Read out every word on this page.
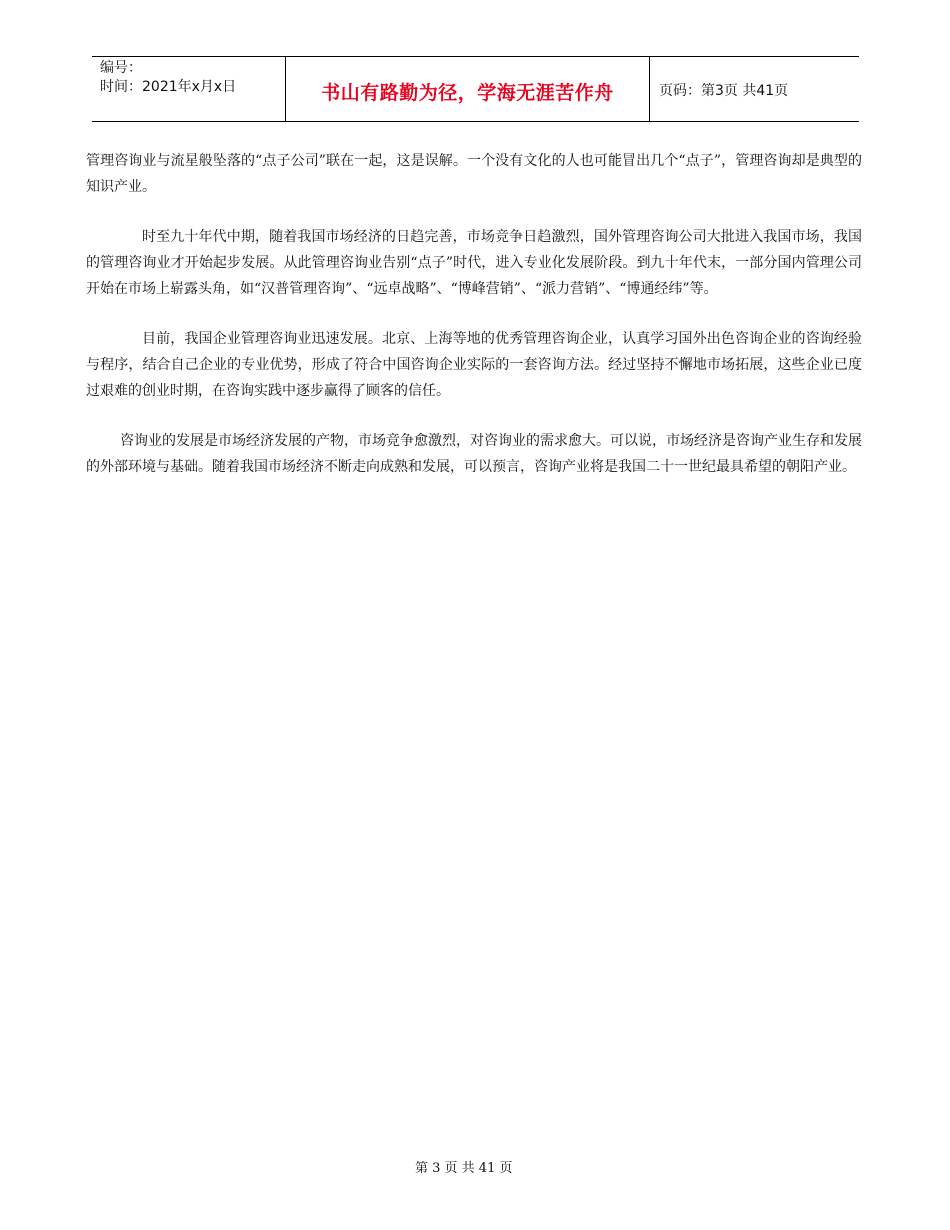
编号：
时间：2021年x月x日	书山有路勤为径，学海无涯苦作舟	页码：第3页 共41页

管理咨询业与流星般坠落的“点子公司”联在一起，这是误解。一个没有文化的人也可能冒出几个“点子”，管理咨询却是典型的知识产业。

时至九十年代中期，随着我国市场经济的日趋完善，市场竞争日趋激烈，国外管理咨询公司大批进入我国市场，我国的管理咨询业才开始起步发展。从此管理咨询业告别“点子”时代，进入专业化发展阶段。到九十年代末，一部分国内管理公司开始在市场上崭露头角，如“汉普管理咨询”、“远卓战略”、“博峰营销”、“派力营销”、“博通经纬”等。

目前，我国企业管理咨询业迅速发展。北京、上海等地的优秀管理咨询企业，认真学习国外出色咨询企业的咨询经验与程序，结合自己企业的专业优势，形成了符合中国咨询企业实际的一套咨询方法。经过坚持不懈地市场拓展，这些企业已度过艰难的创业时期，在咨询实践中逐步赢得了顾客的信任。

咨询业的发展是市场经济发展的产物，市场竞争愈激烈，对咨询业的需求愈大。可以说，市场经济是咨询产业生存和发展的外部环境与基础。随着我国市场经济不断走向成熟和发展，可以预言，咨询产业将是我国二十一世纪最具希望的朝阳产业。

第 3 页 共 41 页
